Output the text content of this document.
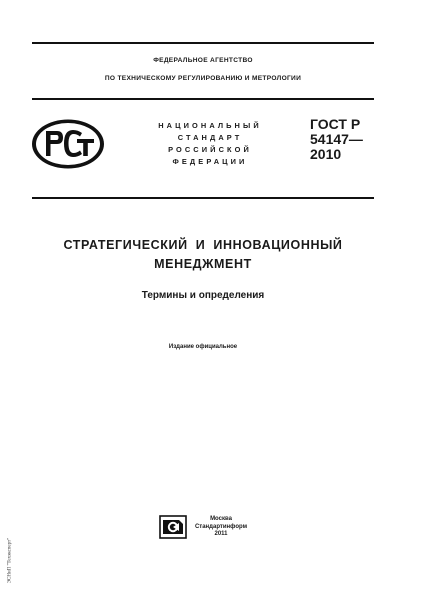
ФЕДЕРАЛЬНОЕ АГЕНТСТВО
ПО ТЕХНИЧЕСКОМУ РЕГУЛИРОВАНИЮ И МЕТРОЛОГИИ
НАЦИОНАЛЬНЫЙ
СТАНДАРТ
РОССИЙСКОЙ
ФЕДЕРАЦИИ
ГОСТ Р
54147—
2010
СТРАТЕГИЧЕСКИЙ И ИННОВАЦИОННЫЙ
МЕНЕДЖМЕНТ
Термины и определения
Издание официальное
Москва
Стандартинформ
2011
ЭСНиП "Техэксперт"
